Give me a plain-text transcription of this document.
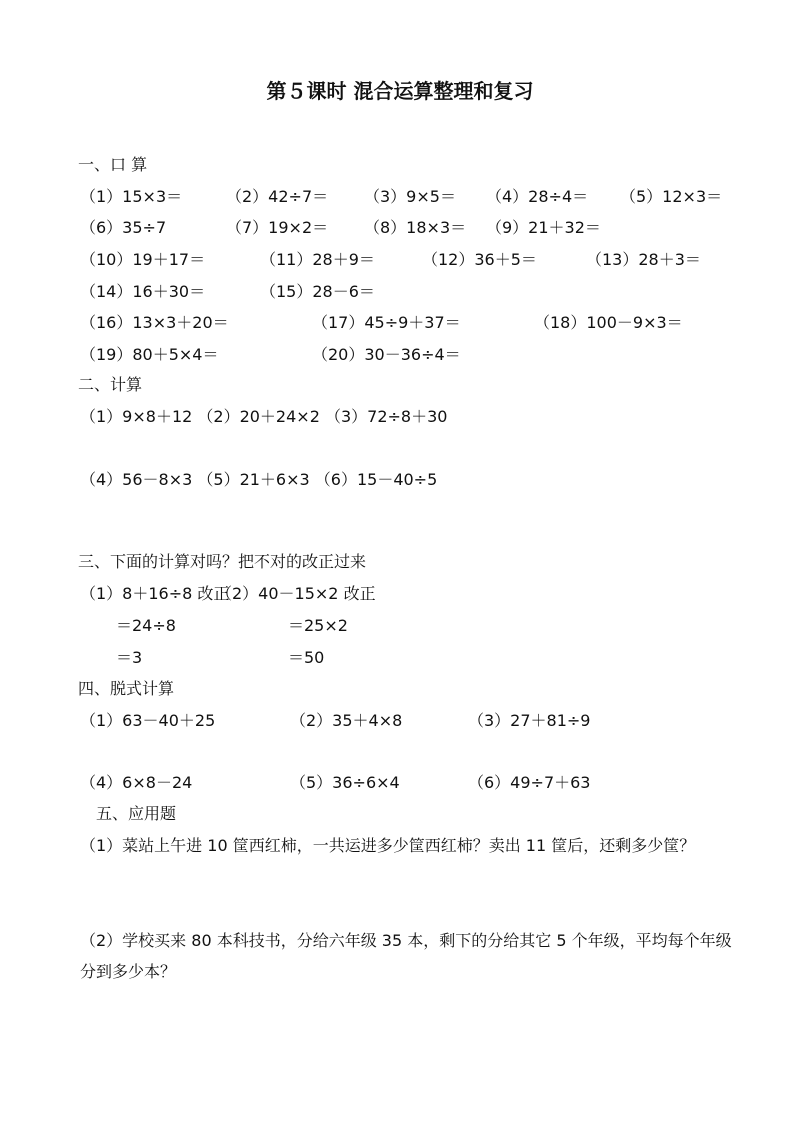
第５课时 混合运算整理和复习
一、口 算
（1）15×3＝	（2）42÷7＝ （3）9×5＝ （4）28÷4＝ （5）12×3＝
（6）35÷7	（7）19×2＝ （8）18×3＝ （9）21＋32＝
（10）19＋17＝	（11）28＋9＝	（12）36＋5＝	（13）28＋3＝
（14）16＋30＝	（15）28－6＝
（16）13×3＋20＝	（17）45÷9＋37＝	（18）100－9×3＝
（19）80＋5×4＝	（20）30－36÷4＝
二、计算
（1）9×8＋12 （2）20＋24×2 （3）72÷8＋30
（4）56－8×3 （5）21＋6×3 （6）15－40÷5
三、下面的计算对吗？把不对的改正过来
（1）8＋16÷8 改正
（2）40－15×2 改正
＝24÷8	＝25×2
＝3	＝50
四、脱式计算
（1）63－40＋25	（2）35＋4×8	（3）27＋81÷9
（4）6×8－24	（5）36÷6×4	（6）49÷7＋63
五、应用题
（1）菜站上午进 10 筐西红柿，一共运进多少筐西红柿？卖出 11 筐后，还剩多少筐？
（2）学校买来 80 本科技书，分给六年级 35 本，剩下的分给其它 5 个年级，平均每个年级
分到多少本？
